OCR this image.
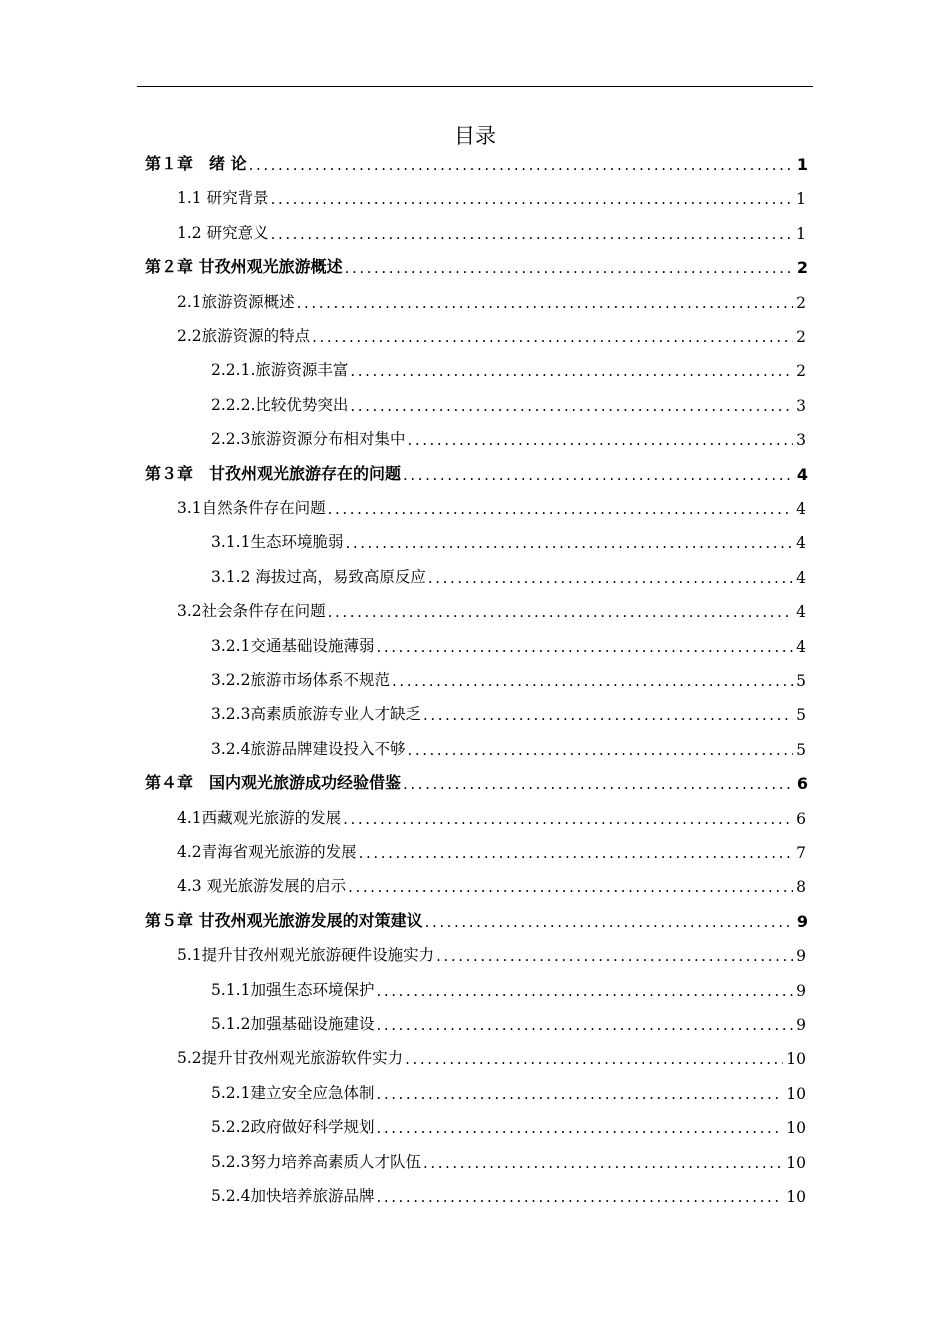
目录
第１章　绪 论 .....	1
1.1 研究背景 .....	1
1.2 研究意义 .....	1
第２章 甘孜州观光旅游概述 .....	2
2.1旅游资源概述 .....	2
2.2旅游资源的特点 .....	2
2.2.1.旅游资源丰富 .....	2
2.2.2.比较优势突出 .....	3
2.2.3旅游资源分布相对集中 .....	3
第３章　甘孜州观光旅游存在的问题 .....	4
3.1自然条件存在问题 .....	4
3.1.1生态环境脆弱 .....	4
3.1.2 海拔过高，易致高原反应 .....	4
3.2社会条件存在问题 .....	4
3.2.1交通基础设施薄弱 .....	4
3.2.2旅游市场体系不规范 .....	5
3.2.3高素质旅游专业人才缺乏 .....	5
3.2.4旅游品牌建设投入不够 .....	5
第４章　国内观光旅游成功经验借鉴 .....	6
4.1西藏观光旅游的发展 .....	6
4.2青海省观光旅游的发展 .....	7
4.3 观光旅游发展的启示 .....	8
第５章 甘孜州观光旅游发展的对策建议 .....	9
5.1提升甘孜州观光旅游硬件设施实力 .....	9
5.1.1加强生态环境保护 .....	9
5.1.2加强基础设施建设 .....	9
5.2提升甘孜州观光旅游软件实力 .....	10
5.2.1建立安全应急体制 .....	10
5.2.2政府做好科学规划 .....	10
5.2.3努力培养高素质人才队伍 .....	10
5.2.4加快培养旅游品牌 .....	10
